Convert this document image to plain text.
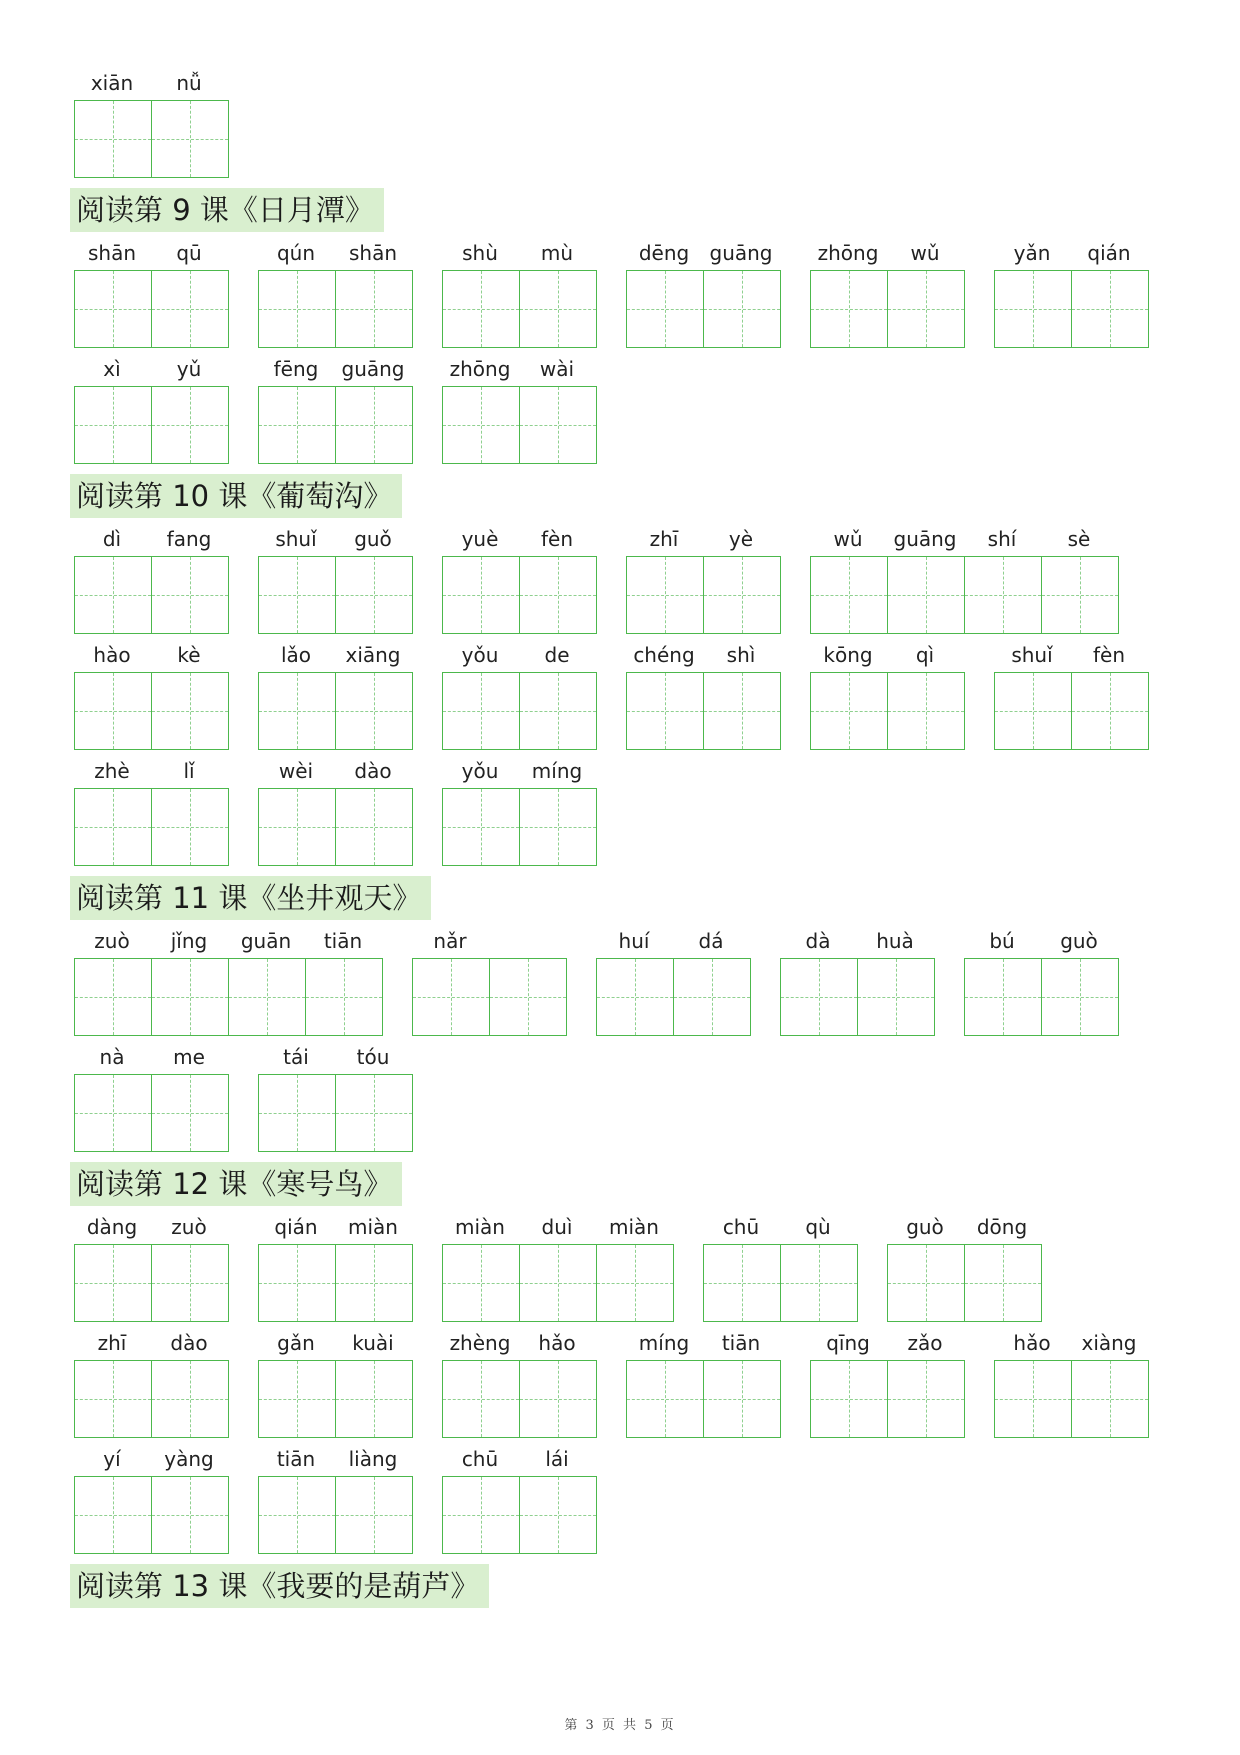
xiān	nǚ
阅读第 9 课《日月潭》
shān	qū	qún	shān	shù	mù	dēng	guāng	zhōng	wǔ	yǎn	qián
xì	yǔ	fēng	guāng	zhōng	wài
阅读第 10 课《葡萄沟》
dì	fang	shuǐ	guǒ	yuè	fèn	zhī	yè	wǔ	guāng	shí	sè
hào	kè	lǎo	xiāng	yǒu	de	chéng	shì	kōng	qì	shuǐ	fèn
zhè	lǐ	wèi	dào	yǒu	míng
阅读第 11 课《坐井观天》
zuò	jǐng	guān	tiān	nǎr	huí	dá	dà	huà	bú	guò
nà	me	tái	tóu
阅读第 12 课《寒号鸟》
dàng	zuò	qián	miàn	miàn	duì	miàn	chū	qù	guò	dōng
zhī	dào	gǎn	kuài	zhèng	hǎo	míng	tiān	qīng	zǎo	hǎo	xiàng
yí	yàng	tiān	liàng	chū	lái
阅读第 13 课《我要的是葫芦》
第 3 页 共 5 页
